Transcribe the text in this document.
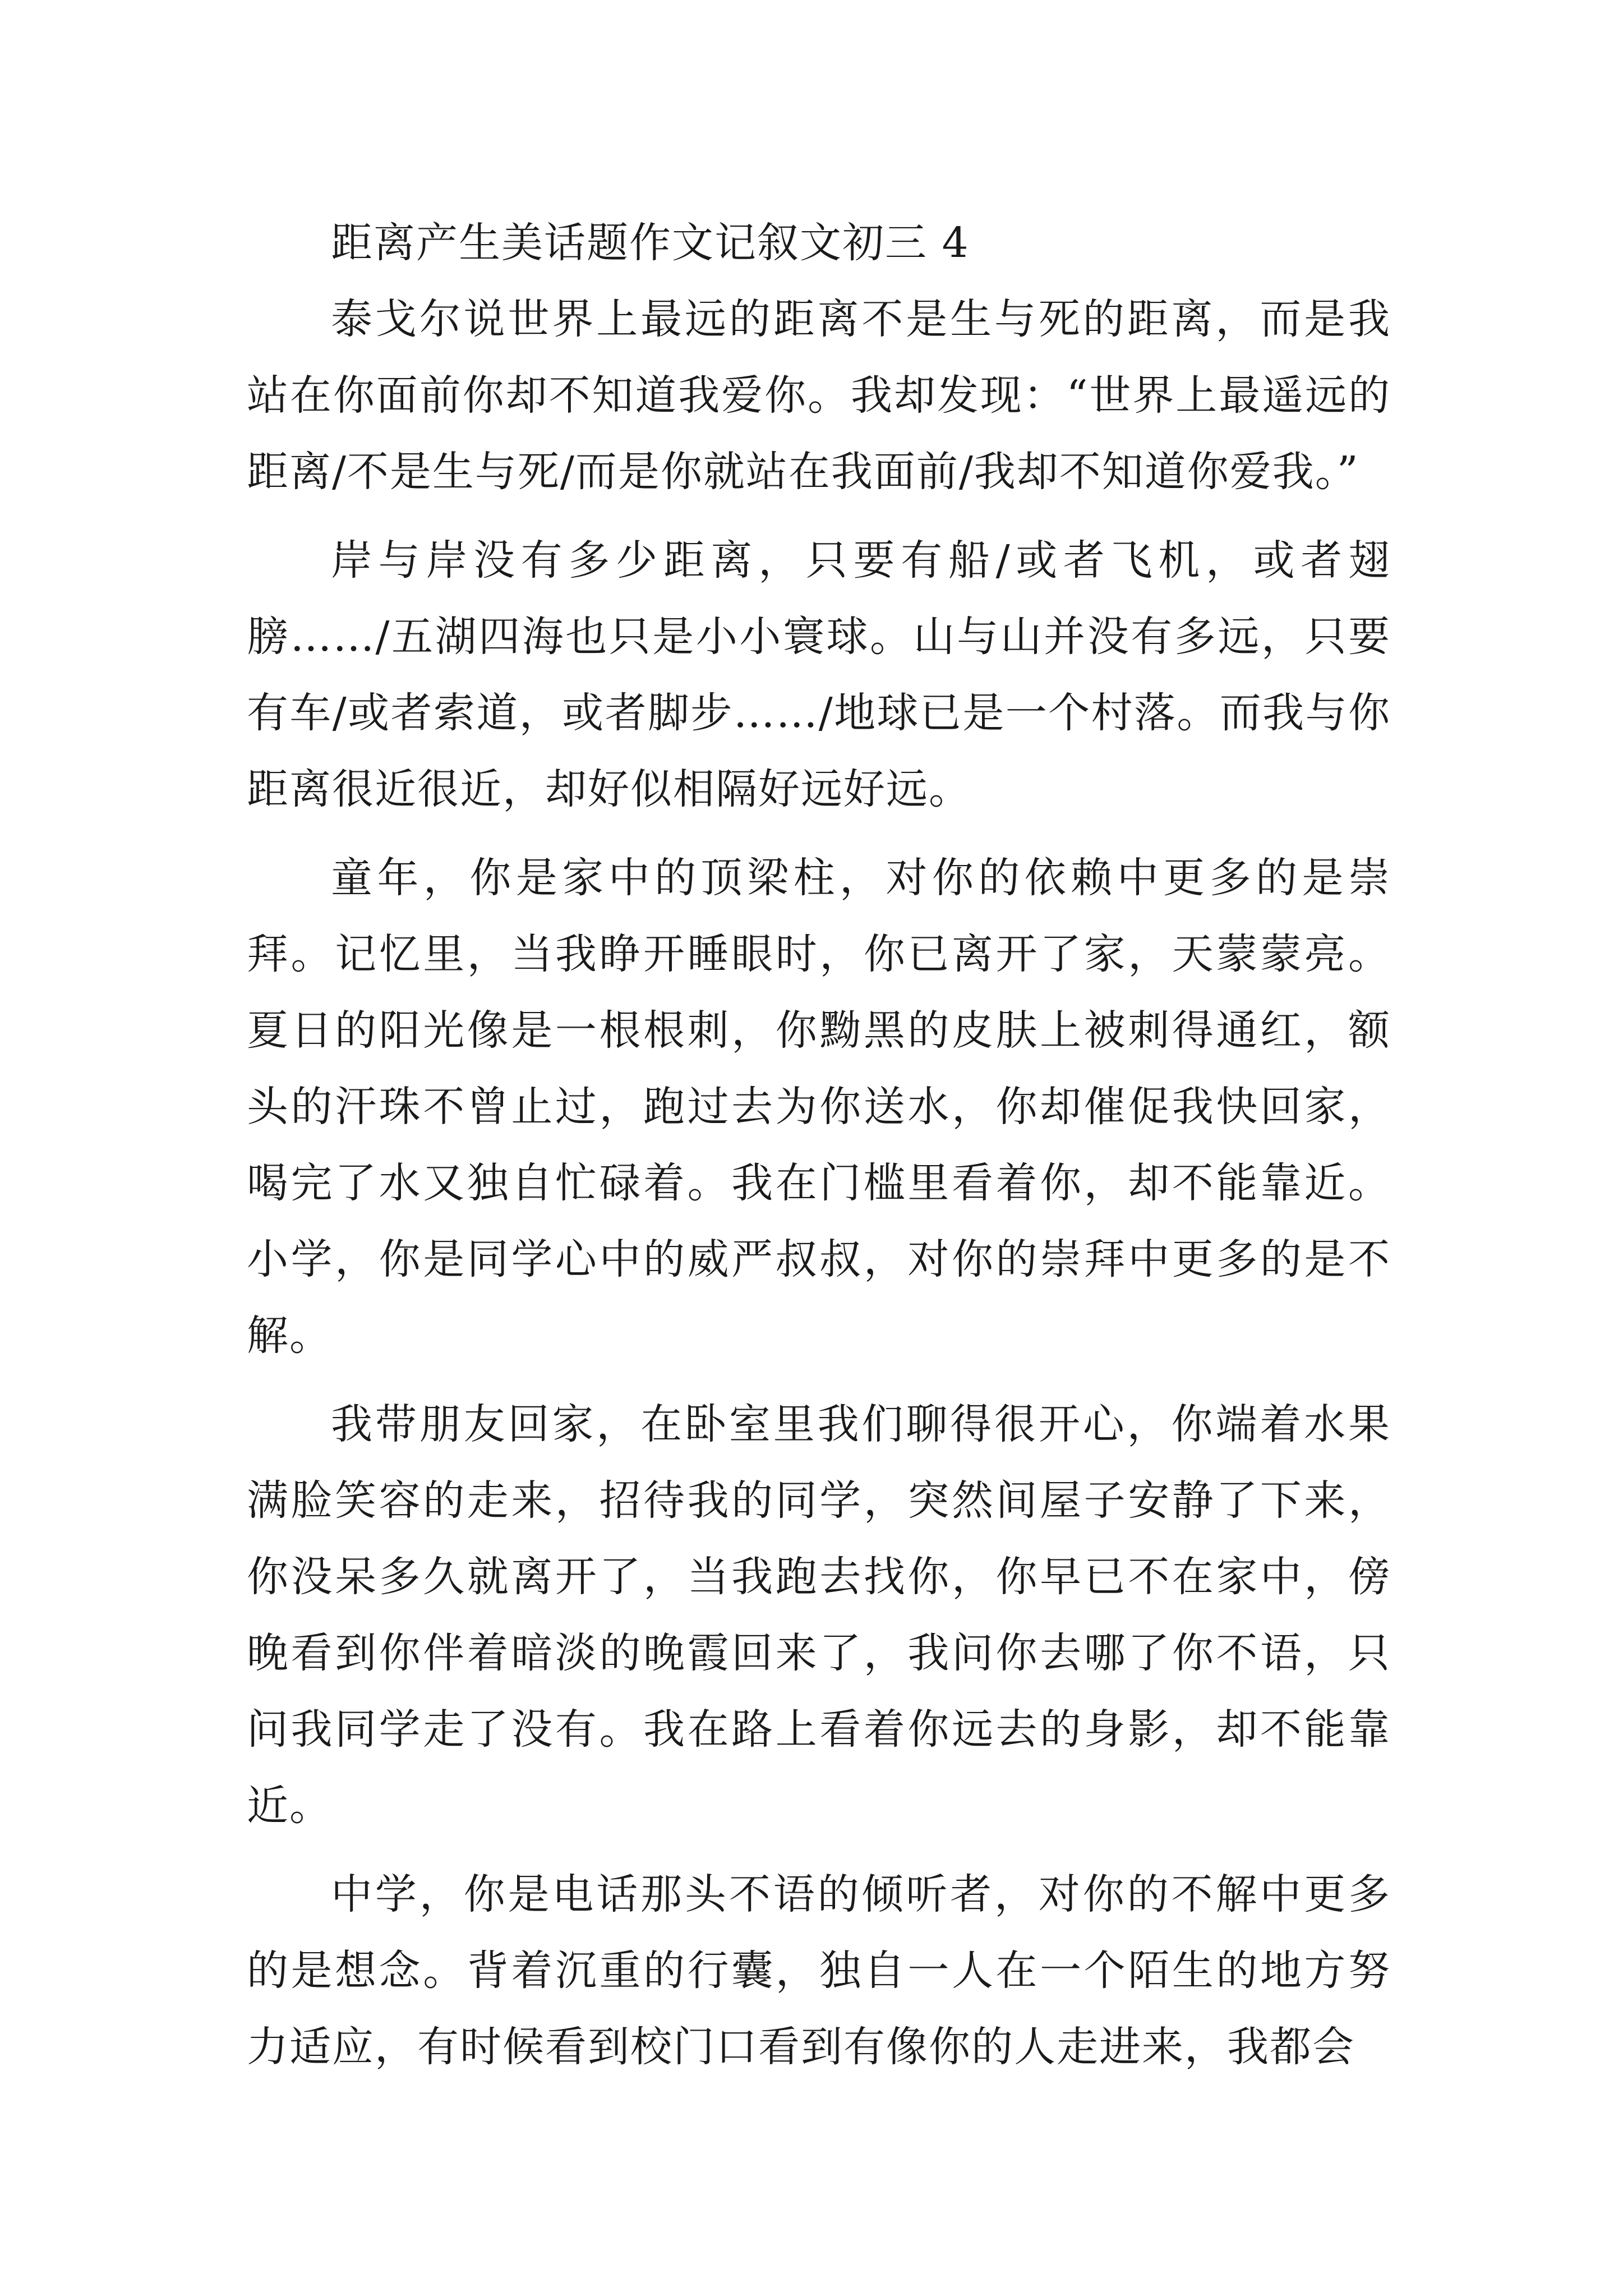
距离产生美话题作文记叙文初三 4

泰戈尔说世界上最远的距离不是生与死的距离，而是我站在你面前你却不知道我爱你。我却发现：“世界上最遥远的距离/不是生与死/而是你就站在我面前/我却不知道你爱我。”

岸与岸没有多少距离，只要有船/或者飞机，或者翅膀……/五湖四海也只是小小寰球。山与山并没有多远，只要有车/或者索道，或者脚步……/地球已是一个村落。而我与你距离很近很近，却好似相隔好远好远。

童年，你是家中的顶梁柱，对你的依赖中更多的是崇拜。记忆里，当我睁开睡眼时，你已离开了家，天蒙蒙亮。夏日的阳光像是一根根刺，你黝黑的皮肤上被刺得通红，额头的汗珠不曾止过，跑过去为你送水，你却催促我快回家，喝完了水又独自忙碌着。我在门槛里看着你，却不能靠近。小学，你是同学心中的威严叔叔，对你的崇拜中更多的是不解。

我带朋友回家，在卧室里我们聊得很开心，你端着水果满脸笑容的走来，招待我的同学，突然间屋子安静了下来，你没呆多久就离开了，当我跑去找你，你早已不在家中，傍晚看到你伴着暗淡的晚霞回来了，我问你去哪了你不语，只问我同学走了没有。我在路上看着你远去的身影，却不能靠近。

中学，你是电话那头不语的倾听者，对你的不解中更多的是想念。背着沉重的行囊，独自一人在一个陌生的地方努力适应，有时候看到校门口看到有像你的人走进来，我都会
